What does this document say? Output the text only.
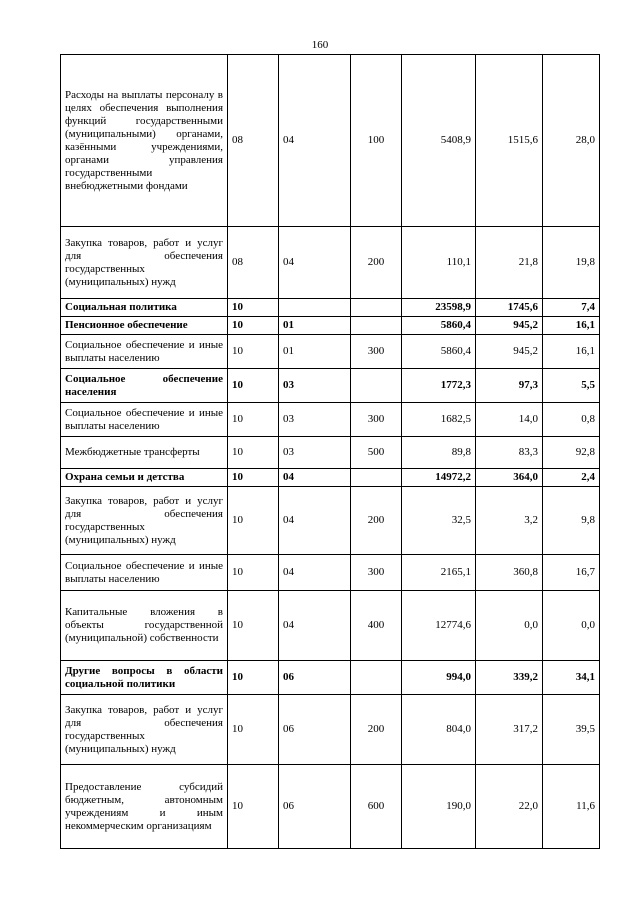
160
Расходы на выплаты персоналу в целях обеспечения выполнения функций государственными (муниципальными) органами, казёнными учреждениями, органами управления государственными внебюджетными фондами	08	04	100	5408,9	1515,6	28,0
Закупка товаров, работ и услуг для обеспечения государственных (муниципальных) нужд	08	04	200	110,1	21,8	19,8
Социальная политика	10			23598,9	1745,6	7,4
Пенсионное обеспечение	10	01		5860,4	945,2	16,1
Социальное обеспечение и иные выплаты населению	10	01	300	5860,4	945,2	16,1
Социальное обеспечение населения	10	03		1772,3	97,3	5,5
Социальное обеспечение и иные выплаты населению	10	03	300	1682,5	14,0	0,8
Межбюджетные трансферты	10	03	500	89,8	83,3	92,8
Охрана семьи и детства	10	04		14972,2	364,0	2,4
Закупка товаров, работ и услуг для обеспечения государственных (муниципальных) нужд	10	04	200	32,5	3,2	9,8
Социальное обеспечение и иные выплаты населению	10	04	300	2165,1	360,8	16,7
Капитальные вложения в объекты государственной (муниципальной) собственности	10	04	400	12774,6	0,0	0,0
Другие вопросы в области социальной политики	10	06		994,0	339,2	34,1
Закупка товаров, работ и услуг для обеспечения государственных (муниципальных) нужд	10	06	200	804,0	317,2	39,5
Предоставление субсидий бюджетным, автономным учреждениям и иным некоммерческим организациям	10	06	600	190,0	22,0	11,6
